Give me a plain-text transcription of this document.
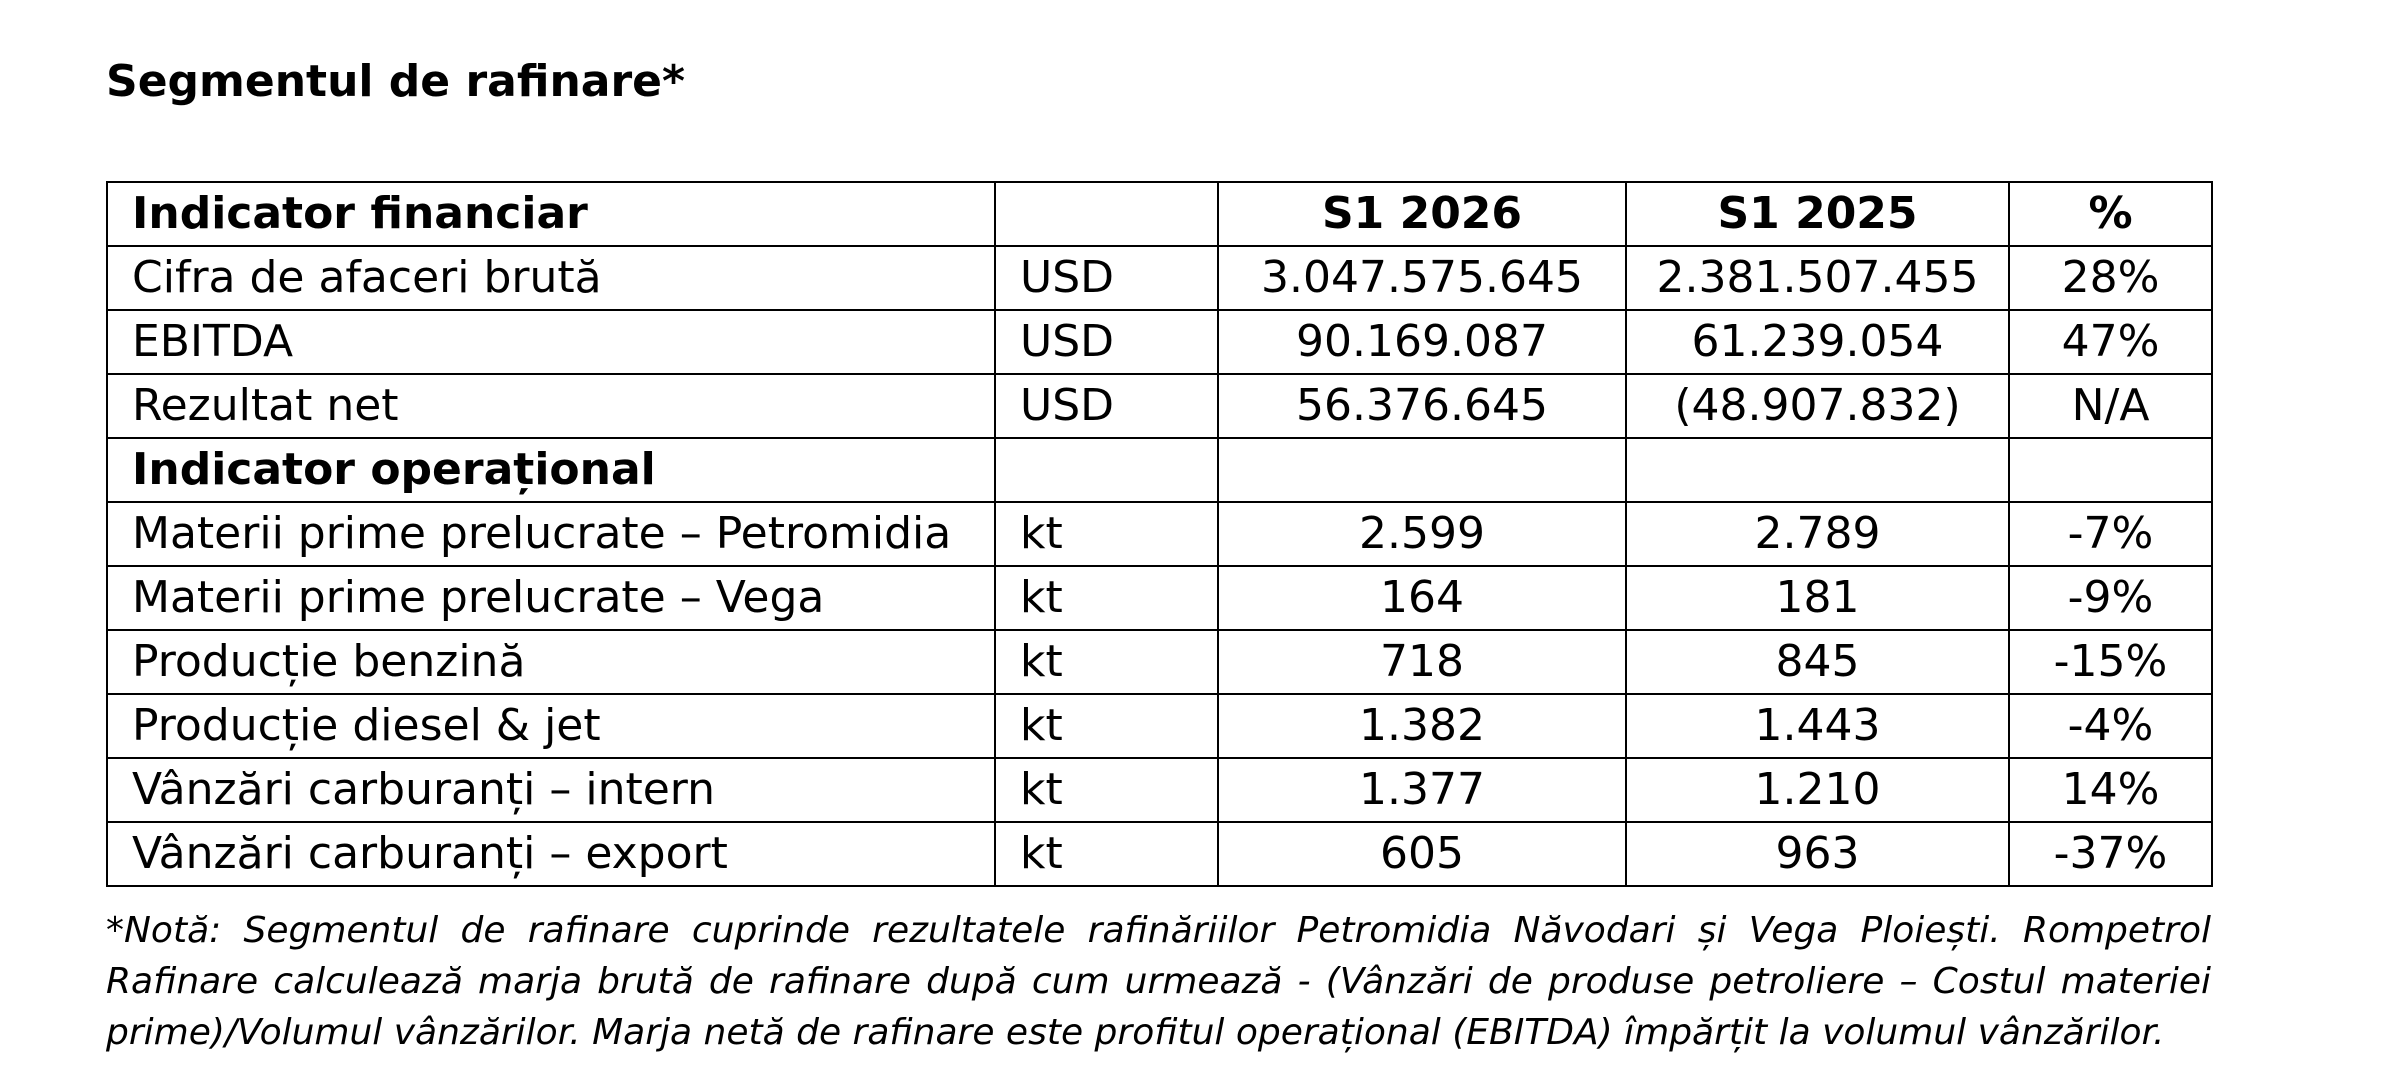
Segmentul de rafinare*
Indicator financiar		S1 2026	S1 2025	%
Cifra de afaceri brută	USD	3.047.575.645	2.381.507.455	28%
EBITDA	USD	90.169.087	61.239.054	47%
Rezultat net	USD	56.376.645	(48.907.832)	N/A
Indicator operațional				
Materii prime prelucrate – Petromidia	kt	2.599	2.789	-7%
Materii prime prelucrate – Vega	kt	164	181	-9%
Producție benzină	kt	718	845	-15%
Producție diesel & jet	kt	1.382	1.443	-4%
Vânzări carburanți – intern	kt	1.377	1.210	14%
Vânzări carburanți – export	kt	605	963	-37%

*Notă: Segmentul de rafinare cuprinde rezultatele rafinăriilor Petromidia Năvodari și Vega Ploiești. Rompetrol Rafinare calculează marja brută de rafinare după cum urmează - (Vânzări de produse petroliere – Costul materiei prime)/Volumul vânzărilor. Marja netă de rafinare este profitul operațional (EBITDA) împărțit la volumul vânzărilor.
